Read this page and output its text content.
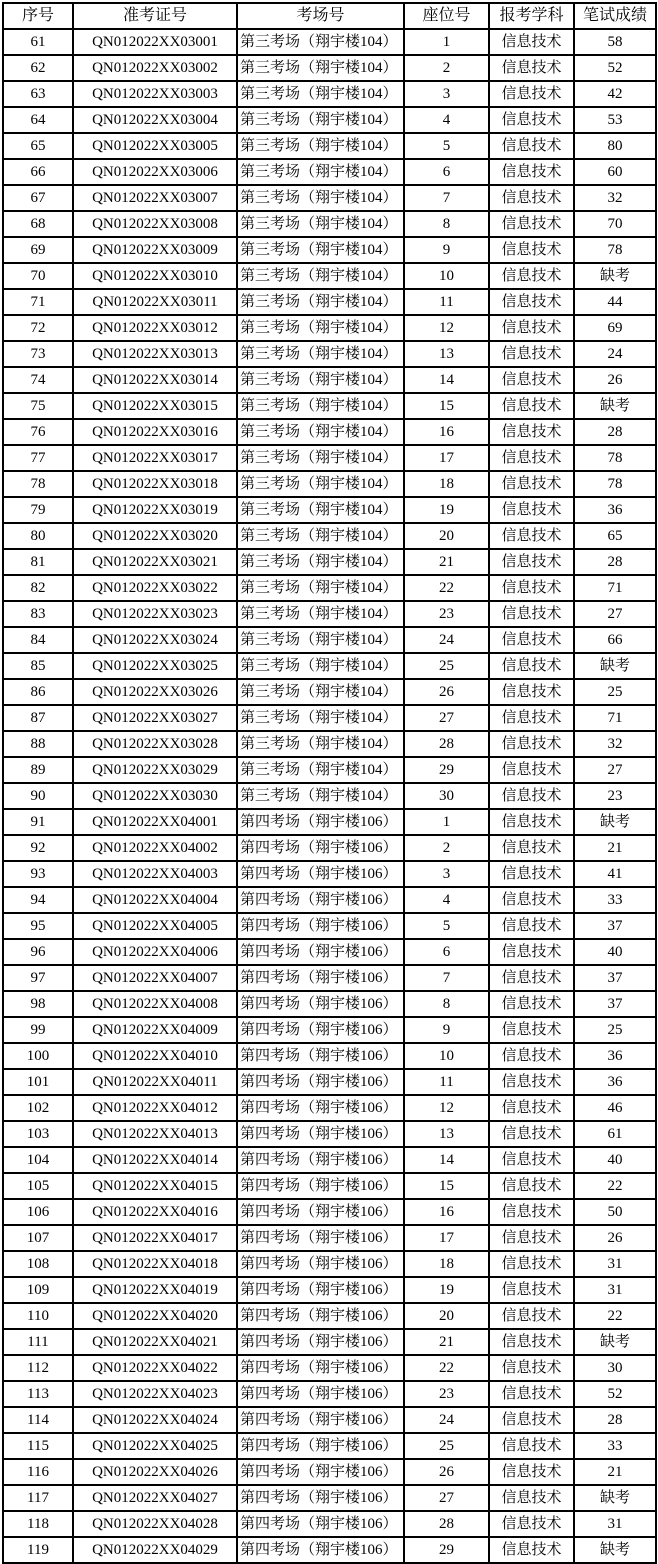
序号	准考证号	考场号	座位号	报考学科	笔试成绩
61	QN012022XX03001	第三考场（翔宇楼104）	1	信息技术	58
62	QN012022XX03002	第三考场（翔宇楼104）	2	信息技术	52
63	QN012022XX03003	第三考场（翔宇楼104）	3	信息技术	42
64	QN012022XX03004	第三考场（翔宇楼104）	4	信息技术	53
65	QN012022XX03005	第三考场（翔宇楼104）	5	信息技术	80
66	QN012022XX03006	第三考场（翔宇楼104）	6	信息技术	60
67	QN012022XX03007	第三考场（翔宇楼104）	7	信息技术	32
68	QN012022XX03008	第三考场（翔宇楼104）	8	信息技术	70
69	QN012022XX03009	第三考场（翔宇楼104）	9	信息技术	78
70	QN012022XX03010	第三考场（翔宇楼104）	10	信息技术	缺考
71	QN012022XX03011	第三考场（翔宇楼104）	11	信息技术	44
72	QN012022XX03012	第三考场（翔宇楼104）	12	信息技术	69
73	QN012022XX03013	第三考场（翔宇楼104）	13	信息技术	24
74	QN012022XX03014	第三考场（翔宇楼104）	14	信息技术	26
75	QN012022XX03015	第三考场（翔宇楼104）	15	信息技术	缺考
76	QN012022XX03016	第三考场（翔宇楼104）	16	信息技术	28
77	QN012022XX03017	第三考场（翔宇楼104）	17	信息技术	78
78	QN012022XX03018	第三考场（翔宇楼104）	18	信息技术	78
79	QN012022XX03019	第三考场（翔宇楼104）	19	信息技术	36
80	QN012022XX03020	第三考场（翔宇楼104）	20	信息技术	65
81	QN012022XX03021	第三考场（翔宇楼104）	21	信息技术	28
82	QN012022XX03022	第三考场（翔宇楼104）	22	信息技术	71
83	QN012022XX03023	第三考场（翔宇楼104）	23	信息技术	27
84	QN012022XX03024	第三考场（翔宇楼104）	24	信息技术	66
85	QN012022XX03025	第三考场（翔宇楼104）	25	信息技术	缺考
86	QN012022XX03026	第三考场（翔宇楼104）	26	信息技术	25
87	QN012022XX03027	第三考场（翔宇楼104）	27	信息技术	71
88	QN012022XX03028	第三考场（翔宇楼104）	28	信息技术	32
89	QN012022XX03029	第三考场（翔宇楼104）	29	信息技术	27
90	QN012022XX03030	第三考场（翔宇楼104）	30	信息技术	23
91	QN012022XX04001	第四考场（翔宇楼106）	1	信息技术	缺考
92	QN012022XX04002	第四考场（翔宇楼106）	2	信息技术	21
93	QN012022XX04003	第四考场（翔宇楼106）	3	信息技术	41
94	QN012022XX04004	第四考场（翔宇楼106）	4	信息技术	33
95	QN012022XX04005	第四考场（翔宇楼106）	5	信息技术	37
96	QN012022XX04006	第四考场（翔宇楼106）	6	信息技术	40
97	QN012022XX04007	第四考场（翔宇楼106）	7	信息技术	37
98	QN012022XX04008	第四考场（翔宇楼106）	8	信息技术	37
99	QN012022XX04009	第四考场（翔宇楼106）	9	信息技术	25
100	QN012022XX04010	第四考场（翔宇楼106）	10	信息技术	36
101	QN012022XX04011	第四考场（翔宇楼106）	11	信息技术	36
102	QN012022XX04012	第四考场（翔宇楼106）	12	信息技术	46
103	QN012022XX04013	第四考场（翔宇楼106）	13	信息技术	61
104	QN012022XX04014	第四考场（翔宇楼106）	14	信息技术	40
105	QN012022XX04015	第四考场（翔宇楼106）	15	信息技术	22
106	QN012022XX04016	第四考场（翔宇楼106）	16	信息技术	50
107	QN012022XX04017	第四考场（翔宇楼106）	17	信息技术	26
108	QN012022XX04018	第四考场（翔宇楼106）	18	信息技术	31
109	QN012022XX04019	第四考场（翔宇楼106）	19	信息技术	31
110	QN012022XX04020	第四考场（翔宇楼106）	20	信息技术	22
111	QN012022XX04021	第四考场（翔宇楼106）	21	信息技术	缺考
112	QN012022XX04022	第四考场（翔宇楼106）	22	信息技术	30
113	QN012022XX04023	第四考场（翔宇楼106）	23	信息技术	52
114	QN012022XX04024	第四考场（翔宇楼106）	24	信息技术	28
115	QN012022XX04025	第四考场（翔宇楼106）	25	信息技术	33
116	QN012022XX04026	第四考场（翔宇楼106）	26	信息技术	21
117	QN012022XX04027	第四考场（翔宇楼106）	27	信息技术	缺考
118	QN012022XX04028	第四考场（翔宇楼106）	28	信息技术	31
119	QN012022XX04029	第四考场（翔宇楼106）	29	信息技术	缺考
